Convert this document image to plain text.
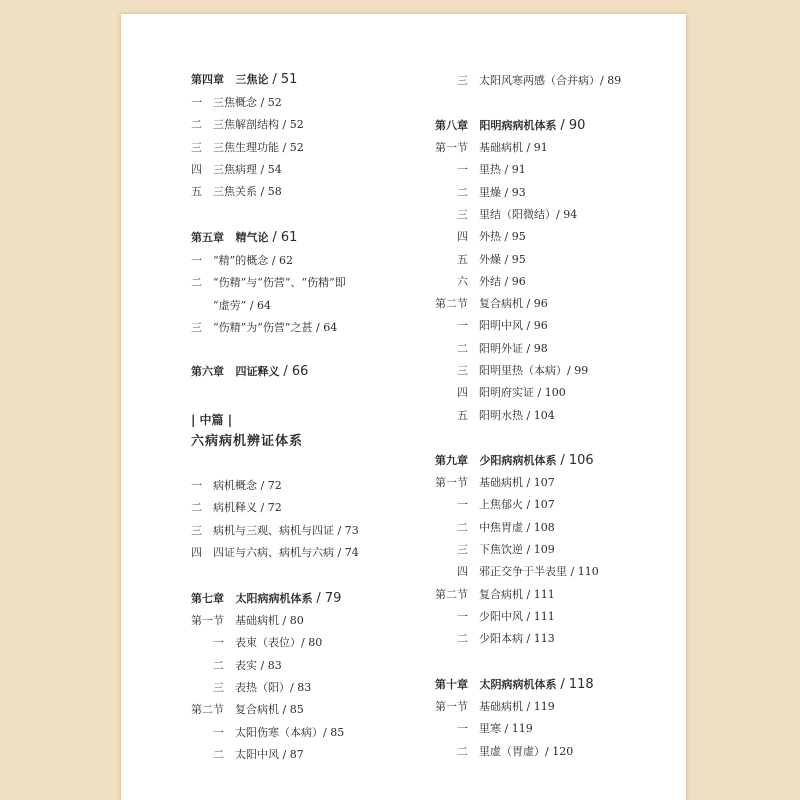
第四章 三焦论 / 51
一 三焦概念 / 52
二 三焦解剖结构 / 52
三 三焦生理功能 / 52
四 三焦病理 / 54
五 三焦关系 / 58
第五章 精气论 / 61
一 “精”的概念 / 62
二 “伤精”与“伤营”、“伤精”即
“虚劳” / 64
三 “伤精”为“伤营”之甚 / 64
第六章 四证释义 / 66
| 中篇 |
六病病机辨证体系
一 病机概念 / 72
二 病机释义 / 72
三 病机与三观、病机与四证 / 73
四 四证与六病、病机与六病 / 74
第七章 太阳病病机体系 / 79
第一节 基础病机 / 80
一 表束（表位）/ 80
二 表实 / 83
三 表热（阳）/ 83
第二节 复合病机 / 85
一 太阳伤寒（本病）/ 85
二 太阳中风 / 87
三 太阳风寒两感（合并病）/ 89
第八章 阳明病病机体系 / 90
第一节 基础病机 / 91
一 里热 / 91
二 里燥 / 93
三 里结（阳微结）/ 94
四 外热 / 95
五 外燥 / 95
六 外结 / 96
第二节 复合病机 / 96
一 阳明中风 / 96
二 阳明外证 / 98
三 阳明里热（本病）/ 99
四 阳明府实证 / 100
五 阳明水热 / 104
第九章 少阳病病机体系 / 106
第一节 基础病机 / 107
一 上焦郁火 / 107
二 中焦胃虚 / 108
三 下焦饮逆 / 109
四 邪正交争于半表里 / 110
第二节 复合病机 / 111
一 少阳中风 / 111
二 少阳本病 / 113
第十章 太阴病病机体系 / 118
第一节 基础病机 / 119
一 里寒 / 119
二 里虚（胃虚）/ 120
